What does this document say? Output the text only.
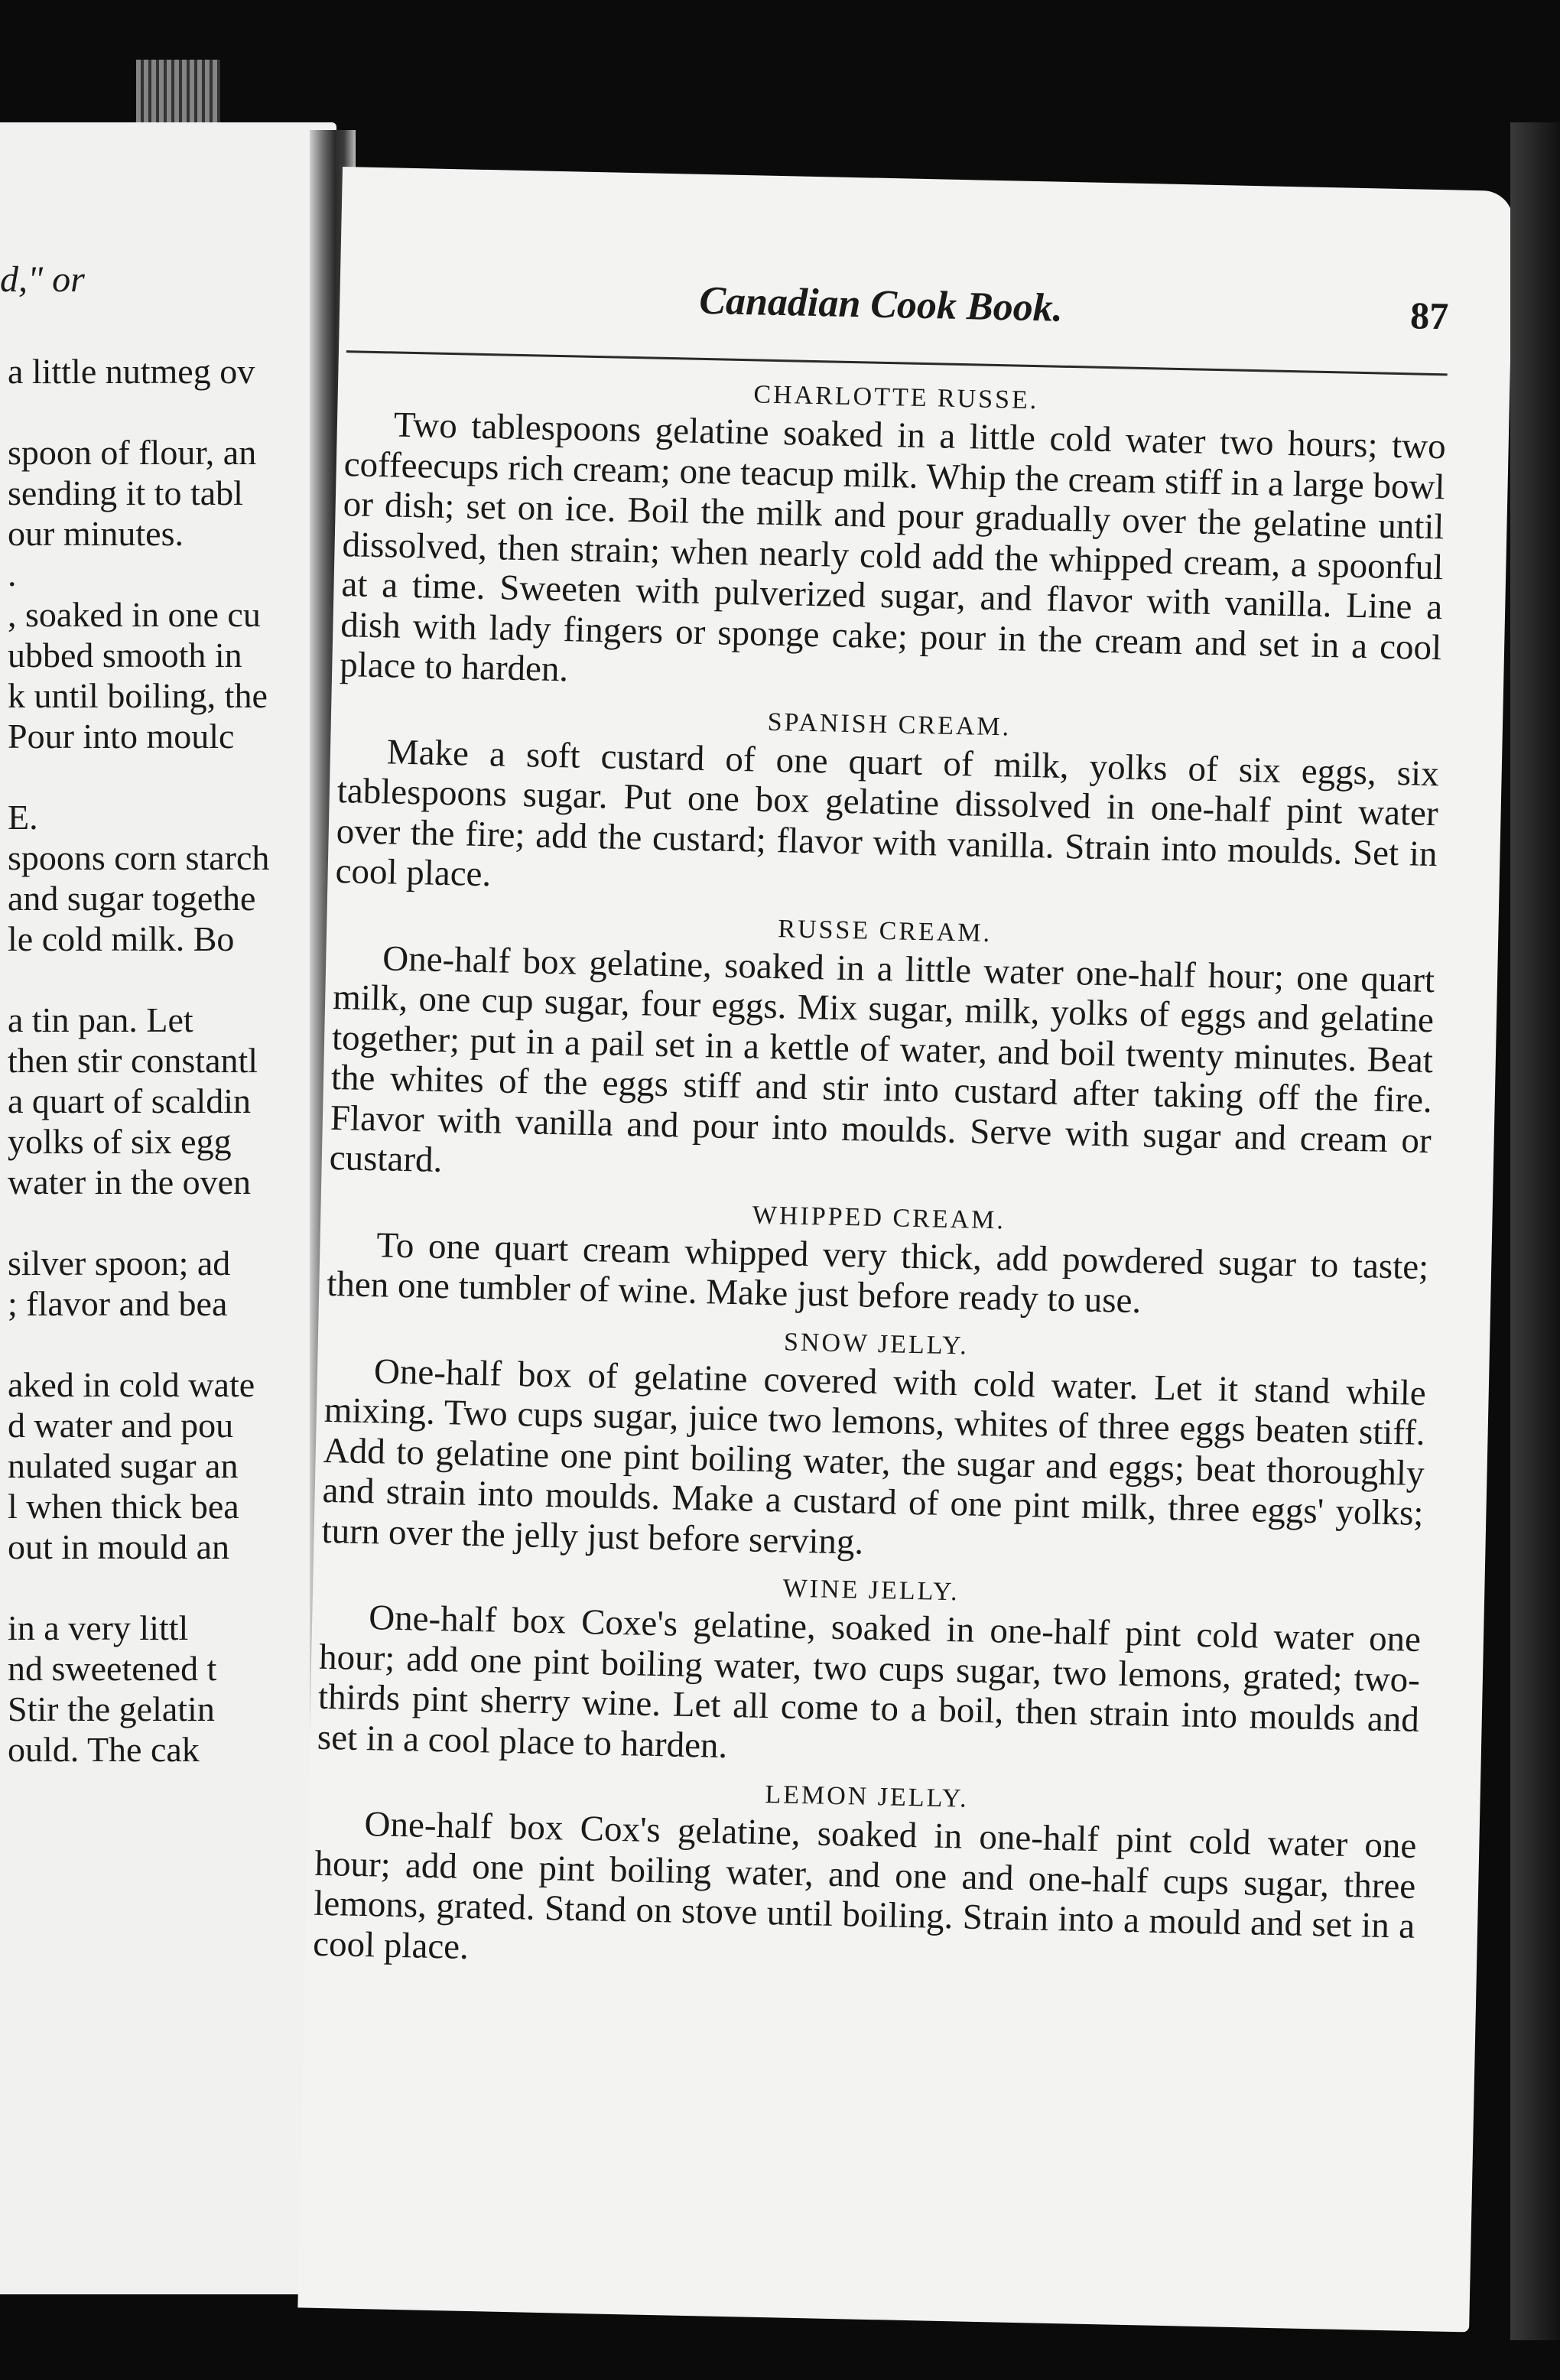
d," or
a little nutmeg ov
spoon of flour, an
sending it to tabl
our minutes.
.
, soaked in one cu
ubbed smooth in
k until boiling, the
Pour into moulc
E.
spoons corn starch
and sugar togethe
le cold milk. Bo
a tin pan. Let
then stir constantl
a quart of scaldin
yolks of six egg
water in the oven
silver spoon; ad
; flavor and bea
aked in cold wate
d water and pou
nulated sugar an
l when thick bea
out in mould an
in a very littl
nd sweetened t
Stir the gelatin
ould. The cak
Canadian Cook Book.	87
CHARLOTTE RUSSE.
Two tablespoons gelatine soaked in a little cold water two hours; two coffeecups rich cream; one teacup milk. Whip the cream stiff in a large bowl or dish; set on ice. Boil the milk and pour gradually over the gelatine until dissolved, then strain; when nearly cold add the whipped cream, a spoonful at a time. Sweeten with pulverized sugar, and flavor with vanilla. Line a dish with lady fingers or sponge cake; pour in the cream and set in a cool place to harden.
SPANISH CREAM.
Make a soft custard of one quart of milk, yolks of six eggs, six tablespoons sugar. Put one box gelatine dissolved in one-half pint water over the fire; add the custard; flavor with vanilla. Strain into moulds. Set in cool place.
RUSSE CREAM.
One-half box gelatine, soaked in a little water one-half hour; one quart milk, one cup sugar, four eggs. Mix sugar, milk, yolks of eggs and gelatine together; put in a pail set in a kettle of water, and boil twenty minutes. Beat the whites of the eggs stiff and stir into custard after taking off the fire. Flavor with vanilla and pour into moulds. Serve with sugar and cream or custard.
WHIPPED CREAM.
To one quart cream whipped very thick, add powdered sugar to taste; then one tumbler of wine. Make just before ready to use.
SNOW JELLY.
One-half box of gelatine covered with cold water. Let it stand while mixing. Two cups sugar, juice two lemons, whites of three eggs beaten stiff. Add to gelatine one pint boiling water, the sugar and eggs; beat thoroughly and strain into moulds. Make a custard of one pint milk, three eggs' yolks; turn over the jelly just before serving.
WINE JELLY.
One-half box Coxe's gelatine, soaked in one-half pint cold water one hour; add one pint boiling water, two cups sugar, two lemons, grated; two-thirds pint sherry wine. Let all come to a boil, then strain into moulds and set in a cool place to harden.
LEMON JELLY.
One-half box Cox's gelatine, soaked in one-half pint cold water one hour; add one pint boiling water, and one and one-half cups sugar, three lemons, grated. Stand on stove until boiling. Strain into a mould and set in a cool place.
